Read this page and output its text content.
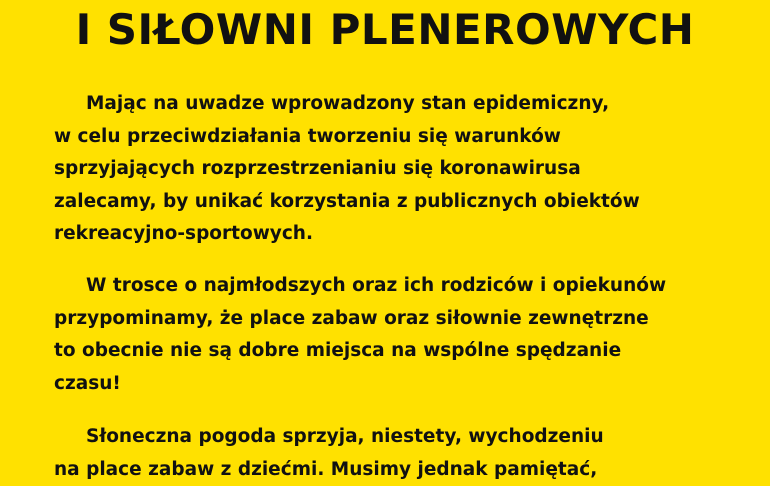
I SIŁOWNI PLENEROWYCH
Mając na uwadze wprowadzony stan epidemiczny,
w celu przeciwdziałania tworzeniu się warunków
sprzyjających rozprzestrzenianiu się koronawirusa
zalecamy, by unikać korzystania z publicznych obiektów
rekreacyjno-sportowych.
W trosce o najmłodszych oraz ich rodziców i opiekunów
przypominamy, że place zabaw oraz siłownie zewnętrzne
to obecnie nie są dobre miejsca na wspólne spędzanie
czasu!
Słoneczna pogoda sprzyja, niestety, wychodzeniu
na place zabaw z dziećmi. Musimy jednak pamiętać,
